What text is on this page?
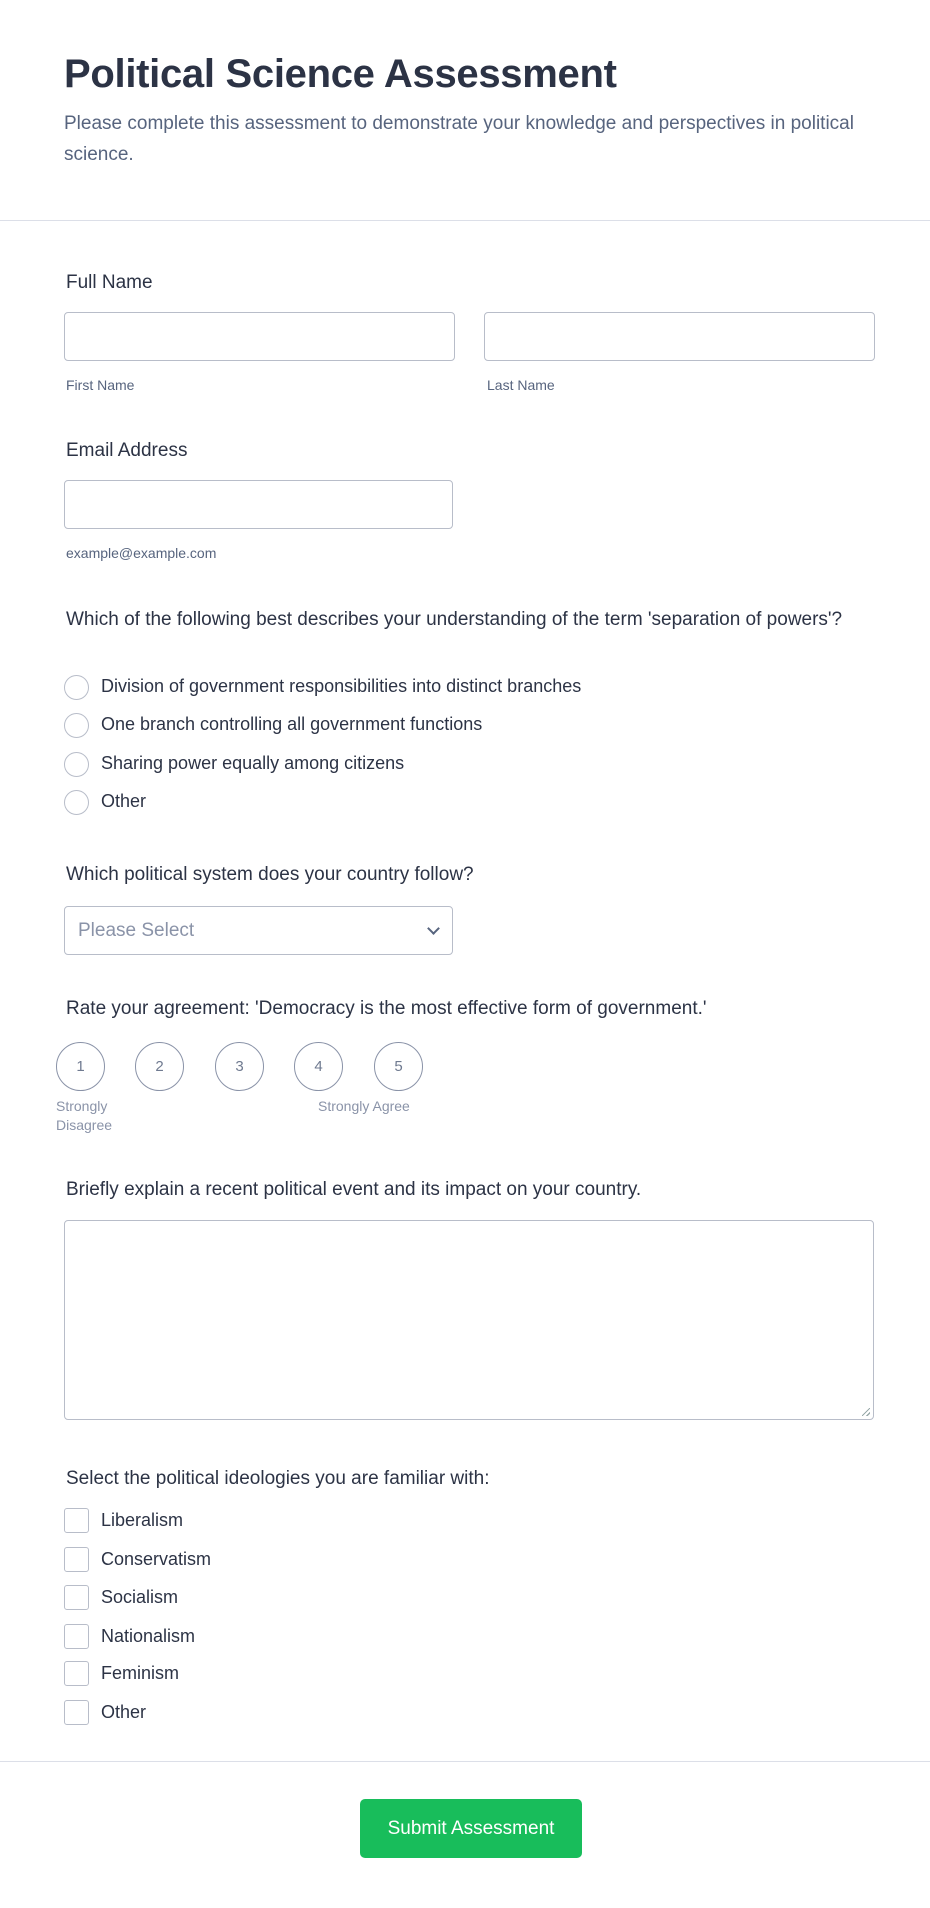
Political Science Assessment
Please complete this assessment to demonstrate your knowledge and perspectives in political science.
Full Name
First Name	Last Name
Email Address
example@example.com
Which of the following best describes your understanding of the term 'separation of powers'?
Division of government responsibilities into distinct branches
One branch controlling all government functions
Sharing power equally among citizens
Other
Which political system does your country follow?
Please Select
Rate your agreement: 'Democracy is the most effective form of government.'
1	2	3	4	5
Strongly Disagree
Strongly Agree
Briefly explain a recent political event and its impact on your country.
Select the political ideologies you are familiar with:
Liberalism
Conservatism
Socialism
Nationalism
Feminism
Other
Submit Assessment
